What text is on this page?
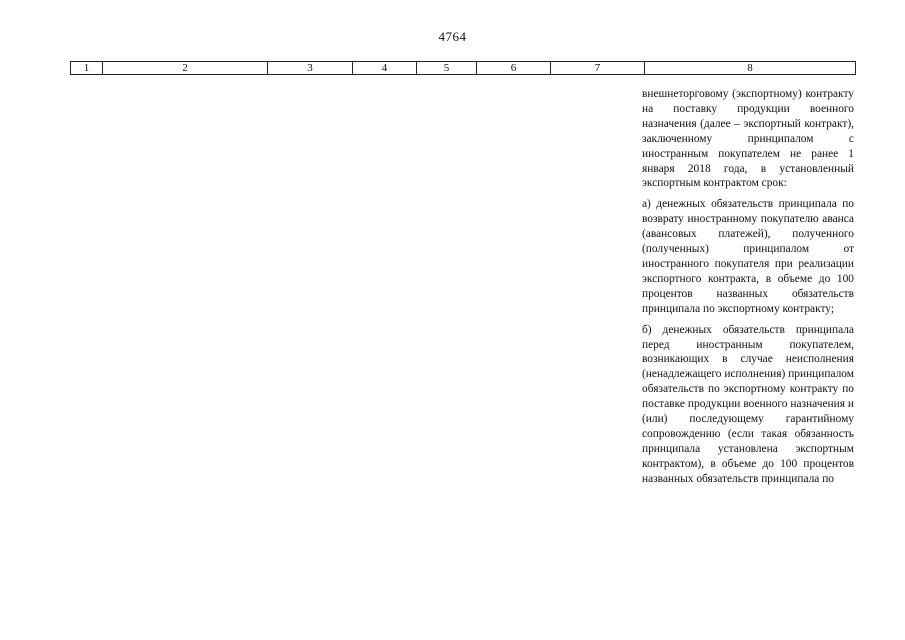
4764
1	2	3	4	5	6	7	8

внешнеторговому (экспортному) контракту на поставку продукции военного назначения (далее – экспортный контракт), заключенному принципалом с иностранным покупателем не ранее 1 января 2018 года, в установленный экспортным контрактом срок:

а) денежных обязательств принципала по возврату иностранному покупателю аванса (авансовых платежей), полученного (полученных) принципалом от иностранного покупателя при реализации экспортного контракта, в объеме до 100 процентов названных обязательств принципала по экспортному контракту;

б) денежных обязательств принципала перед иностранным покупателем, возникающих в случае неисполнения (ненадлежащего исполнения) принципалом обязательств по экспортному контракту по поставке продукции военного назначения и (или) последующему гарантийному сопровождению (если такая обязанность принципала установлена экспортным контрактом), в объеме до 100 процентов названных обязательств принципала по
